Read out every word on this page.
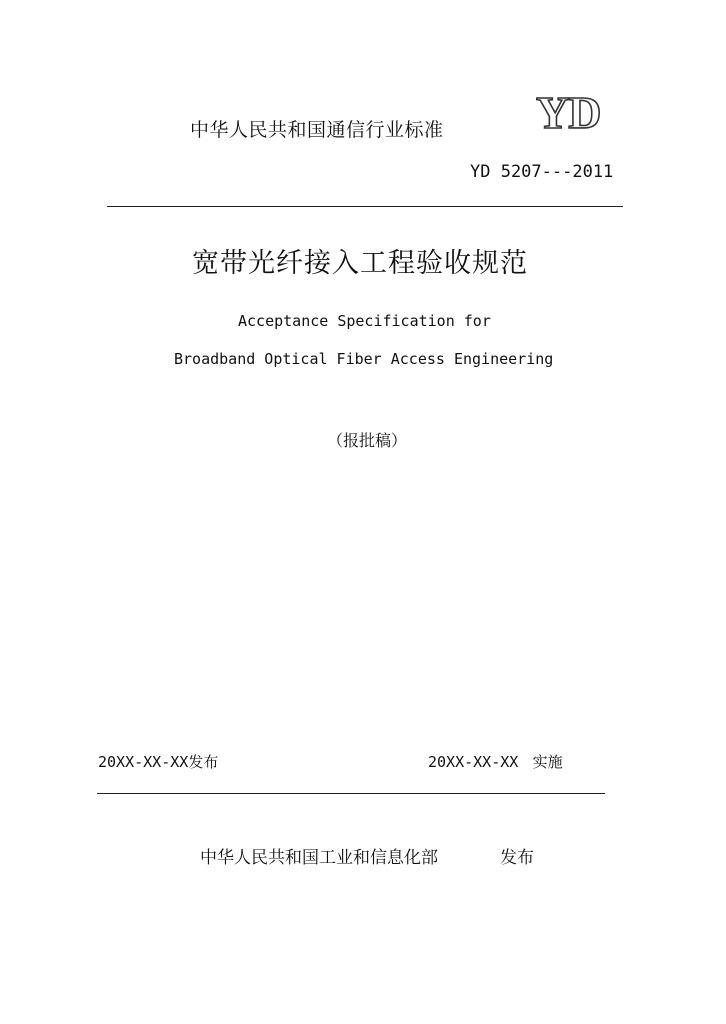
中华人民共和国通信行业标准 YD
YD 5207---2011
宽带光纤接入工程验收规范
Acceptance Specification for
Broadband Optical Fiber Access Engineering
（报批稿）
20XX-XX-XX发布	20XX-XX-XX 实施
中华人民共和国工业和信息化部	发布
